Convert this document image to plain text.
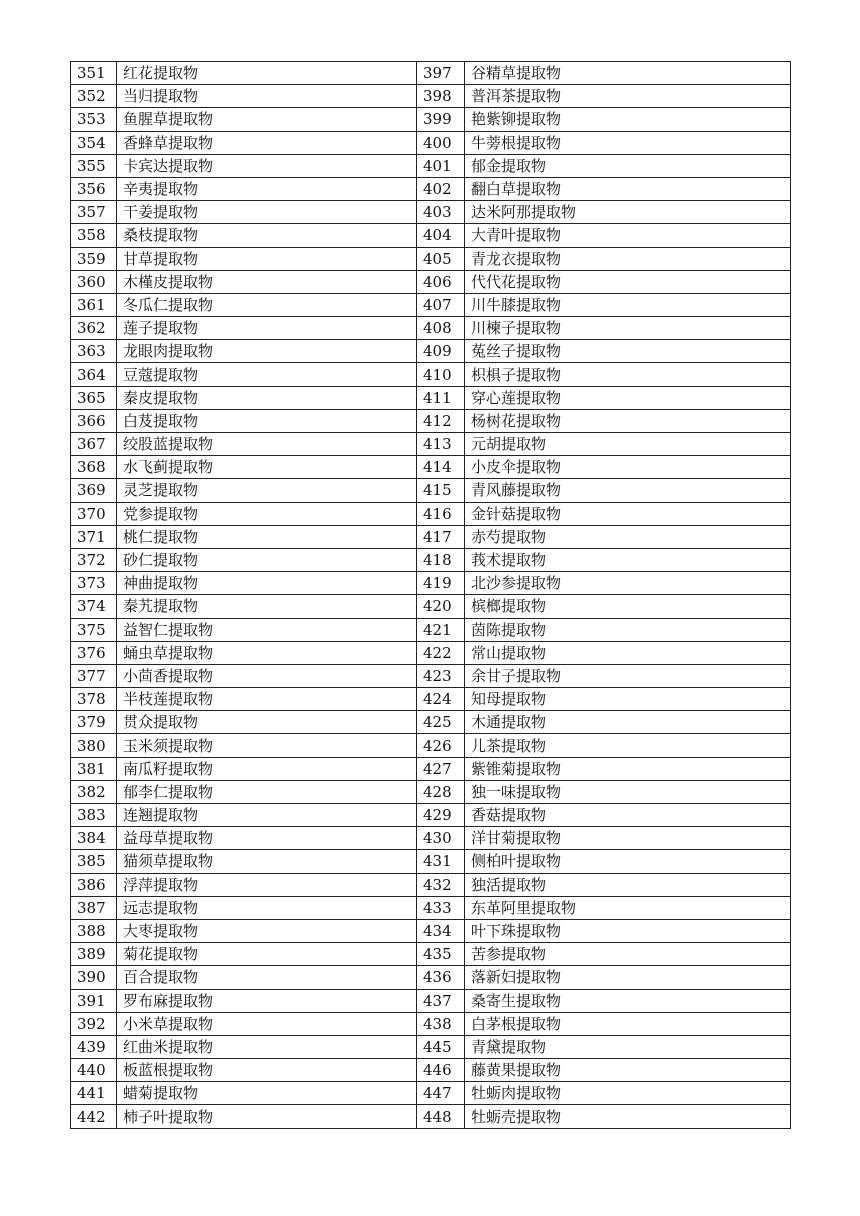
351	红花提取物	397	谷精草提取物
352	当归提取物	398	普洱茶提取物
353	鱼腥草提取物	399	艳紫铆提取物
354	香蜂草提取物	400	牛蒡根提取物
355	卡宾达提取物	401	郁金提取物
356	辛夷提取物	402	翻白草提取物
357	干姜提取物	403	达米阿那提取物
358	桑枝提取物	404	大青叶提取物
359	甘草提取物	405	青龙衣提取物
360	木槿皮提取物	406	代代花提取物
361	冬瓜仁提取物	407	川牛膝提取物
362	莲子提取物	408	川楝子提取物
363	龙眼肉提取物	409	菟丝子提取物
364	豆蔻提取物	410	枳椇子提取物
365	秦皮提取物	411	穿心莲提取物
366	白芨提取物	412	杨树花提取物
367	绞股蓝提取物	413	元胡提取物
368	水飞蓟提取物	414	小皮伞提取物
369	灵芝提取物	415	青风藤提取物
370	党参提取物	416	金针菇提取物
371	桃仁提取物	417	赤芍提取物
372	砂仁提取物	418	莪术提取物
373	神曲提取物	419	北沙参提取物
374	秦艽提取物	420	槟榔提取物
375	益智仁提取物	421	茵陈提取物
376	蛹虫草提取物	422	常山提取物
377	小茴香提取物	423	余甘子提取物
378	半枝莲提取物	424	知母提取物
379	贯众提取物	425	木通提取物
380	玉米须提取物	426	儿茶提取物
381	南瓜籽提取物	427	紫锥菊提取物
382	郁李仁提取物	428	独一味提取物
383	连翘提取物	429	香菇提取物
384	益母草提取物	430	洋甘菊提取物
385	猫须草提取物	431	侧柏叶提取物
386	浮萍提取物	432	独活提取物
387	远志提取物	433	东革阿里提取物
388	大枣提取物	434	叶下珠提取物
389	菊花提取物	435	苦参提取物
390	百合提取物	436	落新妇提取物
391	罗布麻提取物	437	桑寄生提取物
392	小米草提取物	438	白茅根提取物
439	红曲米提取物	445	青黛提取物
440	板蓝根提取物	446	藤黄果提取物
441	蜡菊提取物	447	牡蛎肉提取物
442	柿子叶提取物	448	牡蛎壳提取物
